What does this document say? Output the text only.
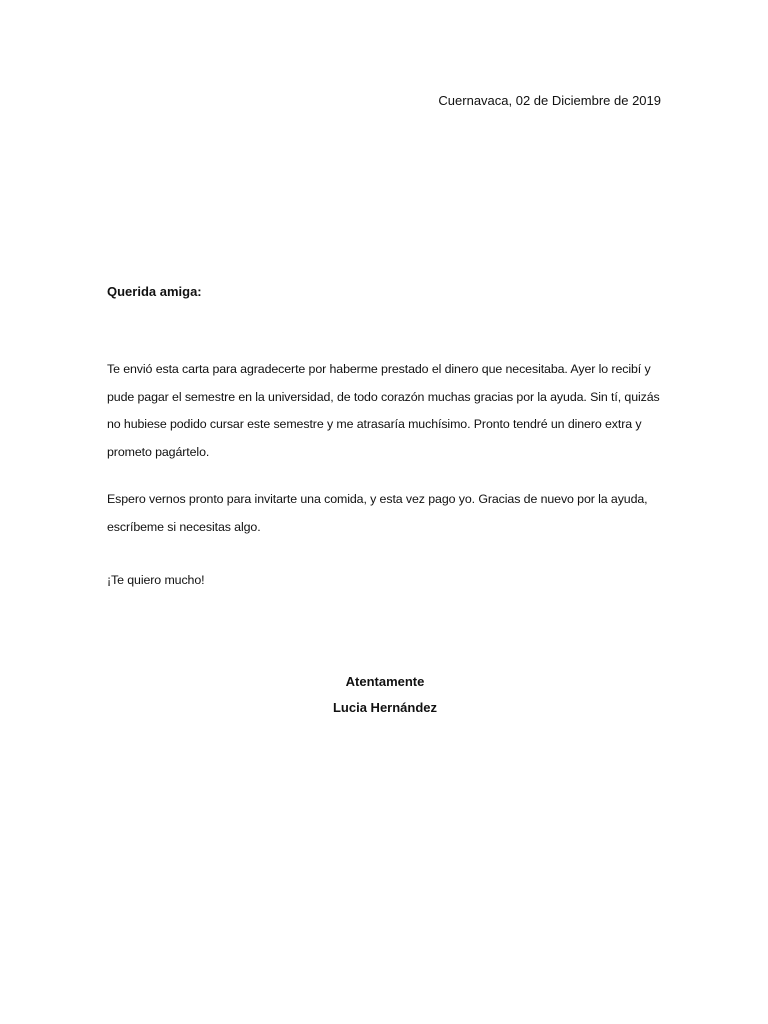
Cuernavaca, 02 de Diciembre de 2019
Querida amiga:

Te envió esta carta para agradecerte por haberme prestado el dinero que necesitaba. Ayer lo recibí y pude pagar el semestre en la universidad, de todo corazón muchas gracias por la ayuda. Sin tí, quizás no hubiese podido cursar este semestre y me atrasaría muchísimo. Pronto tendré un dinero extra y prometo pagártelo.

Espero vernos pronto para invitarte una comida, y esta vez pago yo. Gracias de nuevo por la ayuda, escríbeme si necesitas algo.

¡Te quiero mucho!

Atentamente
Lucia Hernández
